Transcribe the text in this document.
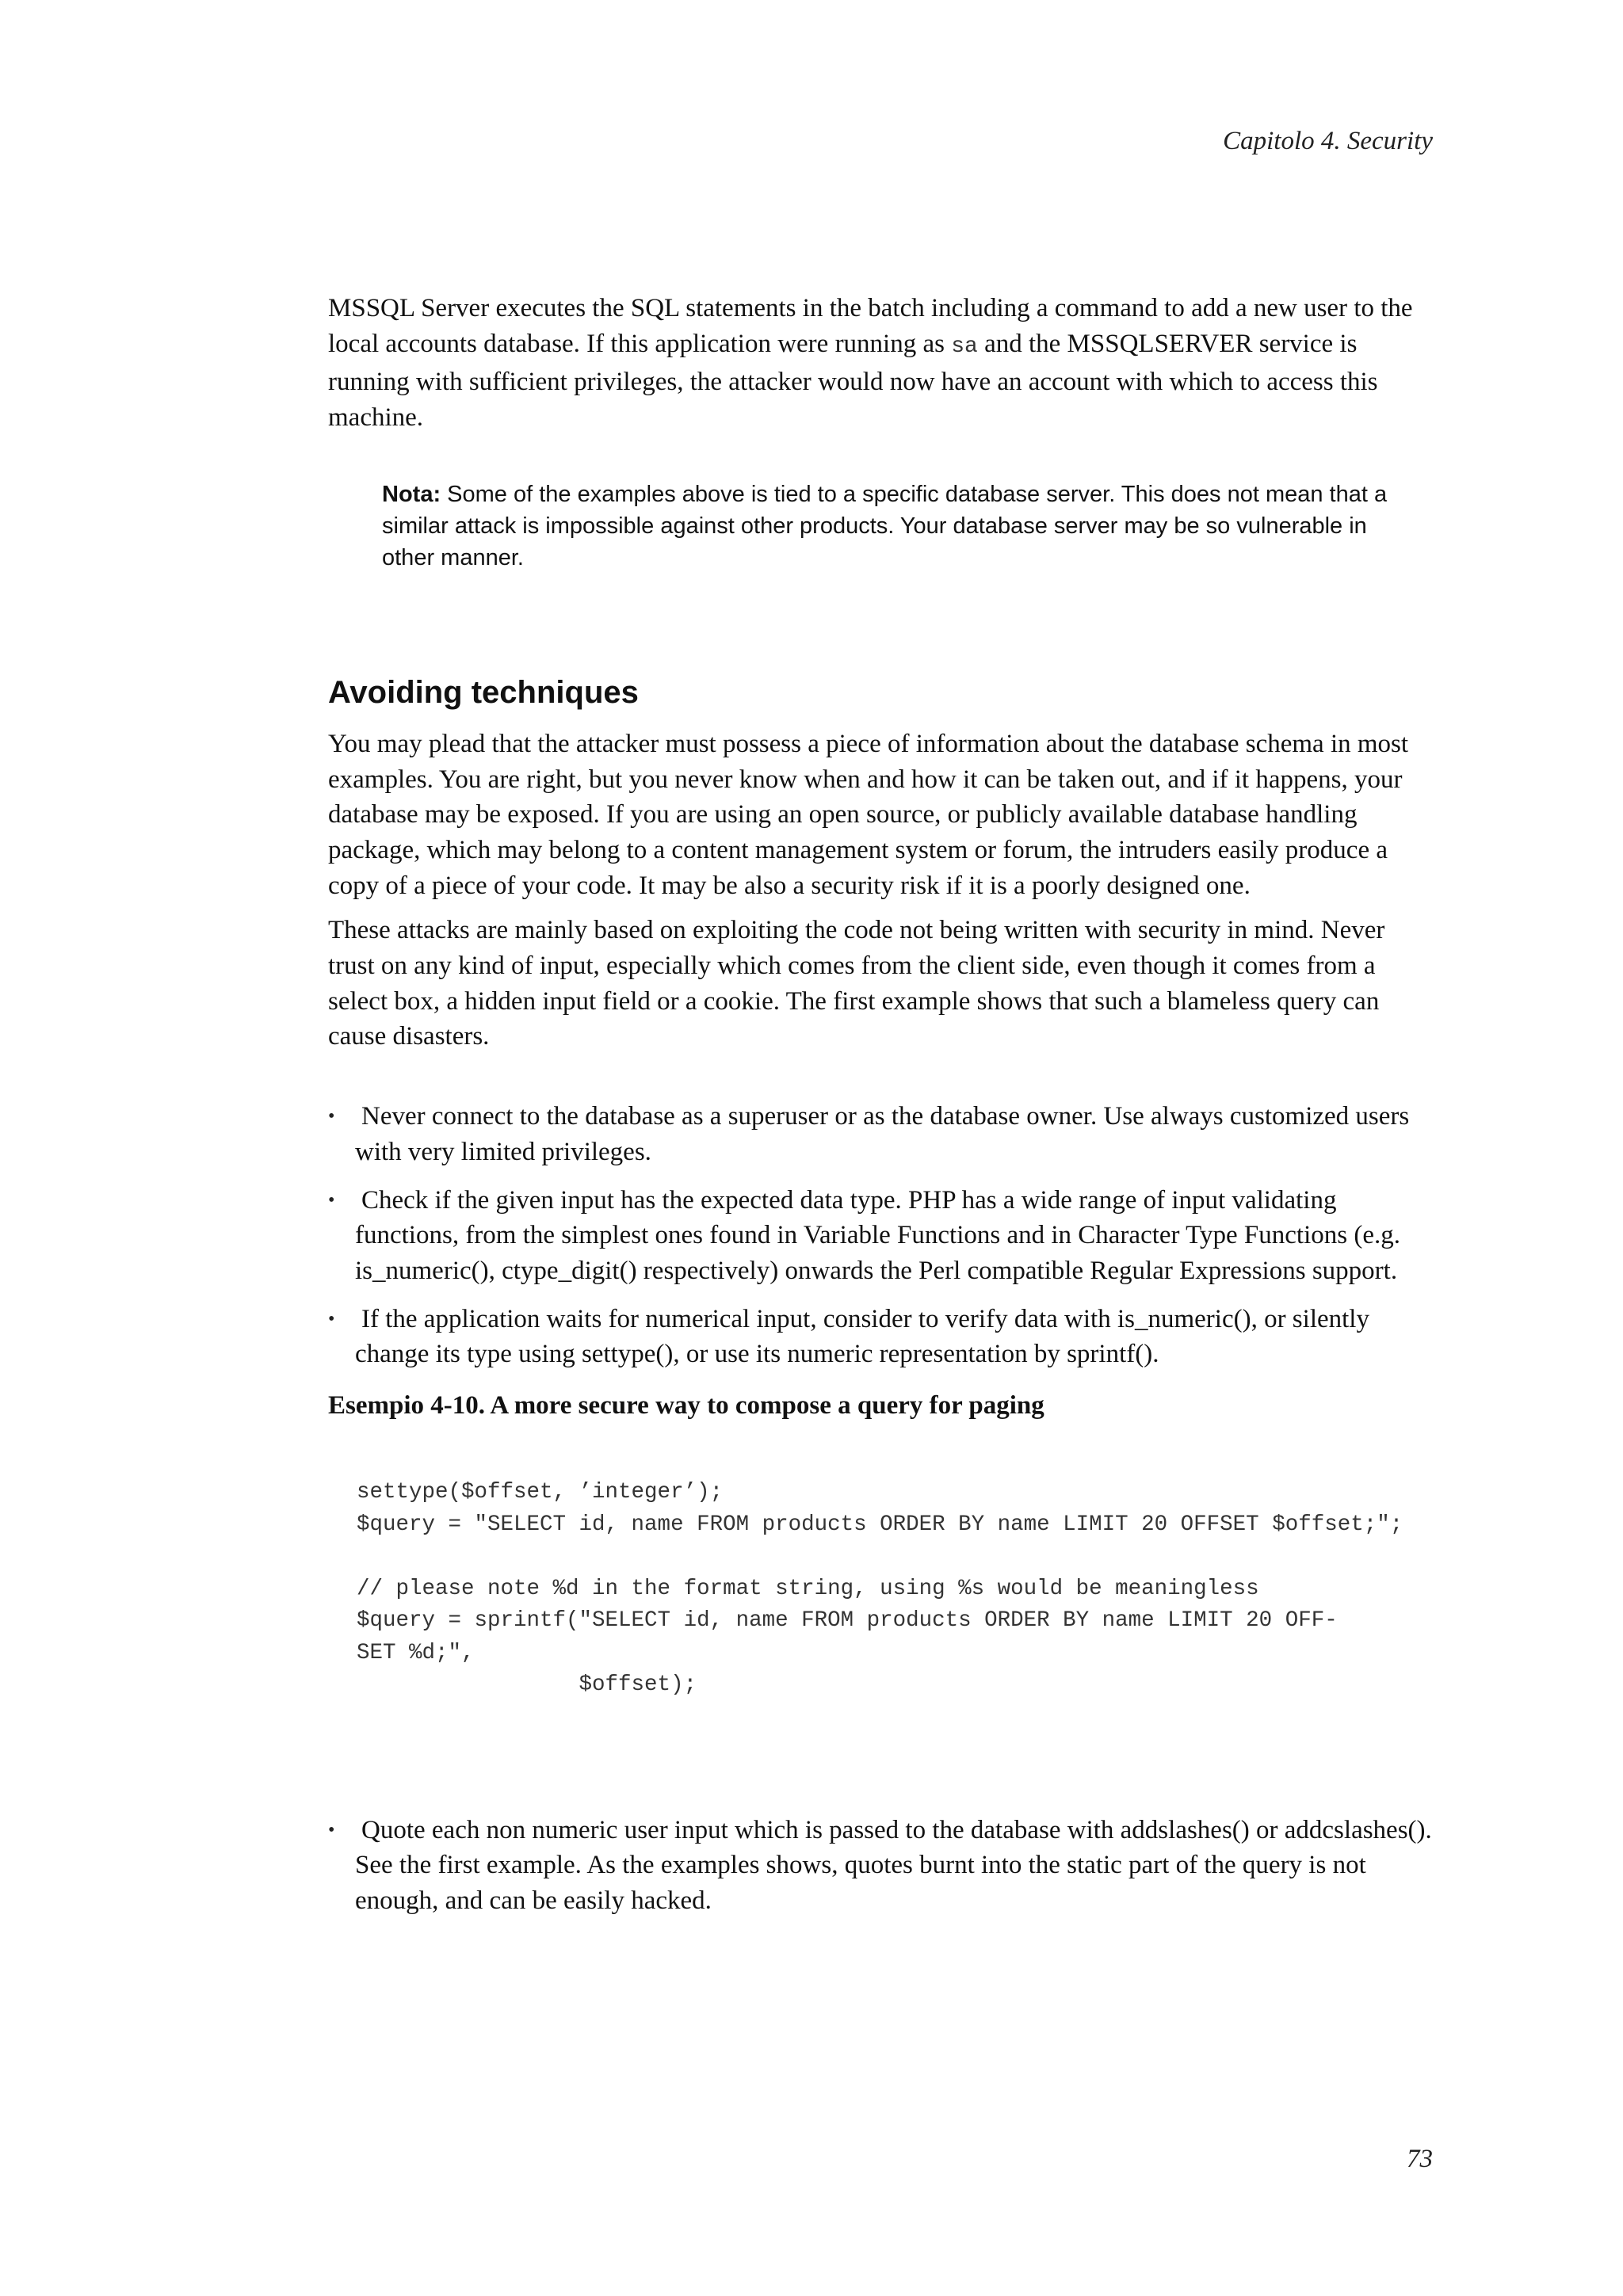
Capitolo 4. Security

MSSQL Server executes the SQL statements in the batch including a command to add a new user to the local accounts database. If this application were running as sa and the MSSQLSERVER service is running with sufficient privileges, the attacker would now have an account with which to access this machine.

Nota: Some of the examples above is tied to a specific database server. This does not mean that a similar attack is impossible against other products. Your database server may be so vulnerable in other manner.
Avoiding techniques

You may plead that the attacker must possess a piece of information about the database schema in most examples. You are right, but you never know when and how it can be taken out, and if it happens, your database may be exposed. If you are using an open source, or publicly available database handling package, which may belong to a content management system or forum, the intruders easily produce a copy of a piece of your code. It may be also a security risk if it is a poorly designed one.

These attacks are mainly based on exploiting the code not being written with security in mind. Never trust on any kind of input, especially which comes from the client side, even though it comes from a select box, a hidden input field or a cookie. The first example shows that such a blameless query can cause disasters.

• Never connect to the database as a superuser or as the database owner. Use always customized users with very limited privileges.
• Check if the given input has the expected data type. PHP has a wide range of input validating functions, from the simplest ones found in Variable Functions and in Character Type Functions (e.g. is_numeric(), ctype_digit() respectively) onwards the Perl compatible Regular Expressions support.
• If the application waits for numerical input, consider to verify data with is_numeric(), or silently change its type using settype(), or use its numeric representation by sprintf().
Esempio 4-10. A more secure way to compose a query for paging
settype($offset, ’integer’);
$query = "SELECT id, name FROM products ORDER BY name LIMIT 20 OFFSET $offset;";

// please note %d in the format string, using %s would be meaningless
$query = sprintf("SELECT id, name FROM products ORDER BY name LIMIT 20 OFF-
SET %d;",
$offset);
• Quote each non numeric user input which is passed to the database with addslashes() or addcslashes(). See the first example. As the examples shows, quotes burnt into the static part of the query is not enough, and can be easily hacked.
73
